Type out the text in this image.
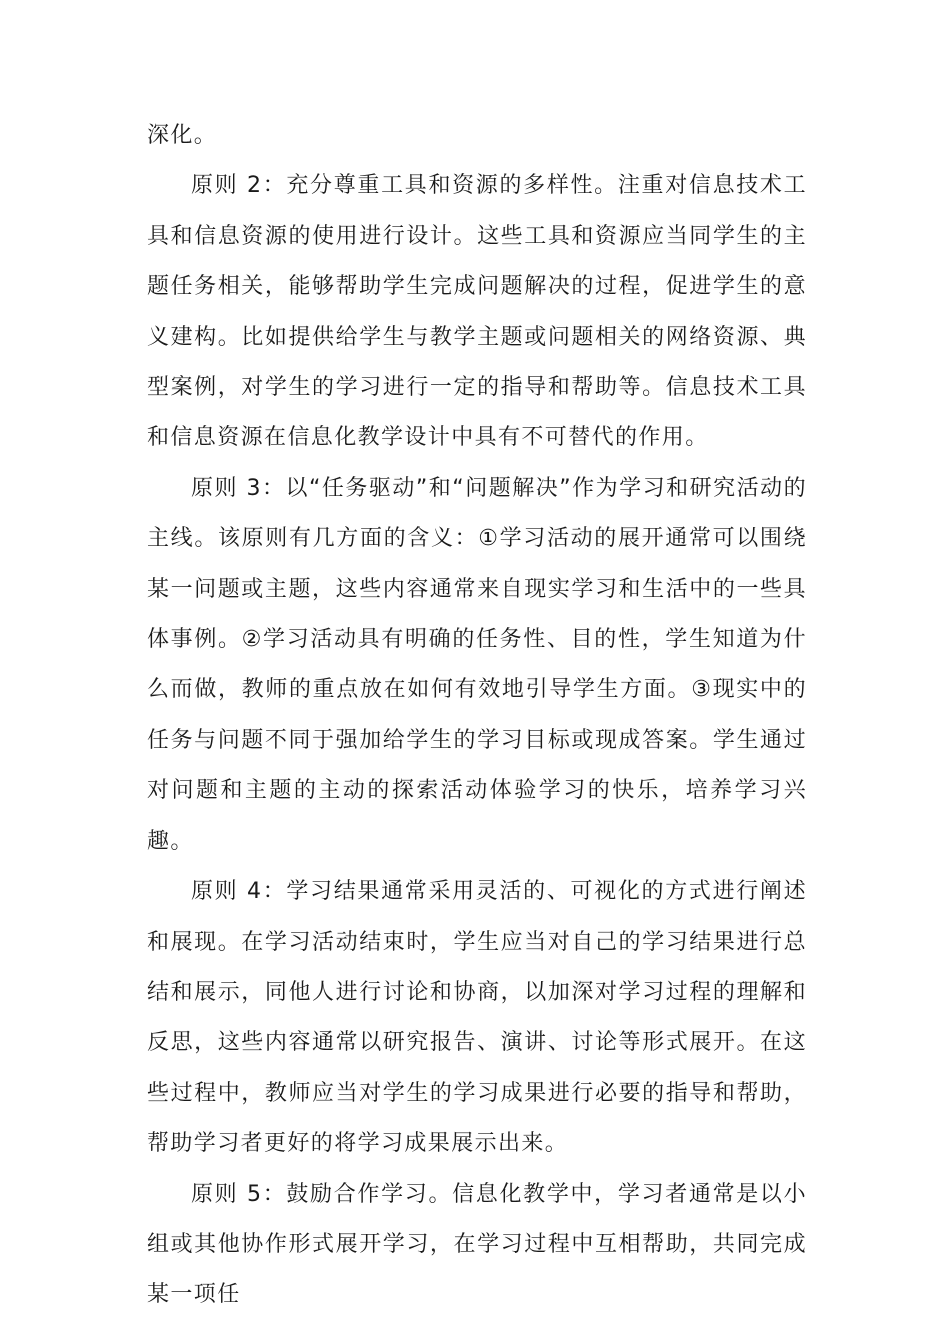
深化。

原则 2：充分尊重工具和资源的多样性。注重对信息技术工具和信息资源的使用进行设计。这些工具和资源应当同学生的主题任务相关，能够帮助学生完成问题解决的过程，促进学生的意义建构。比如提供给学生与教学主题或问题相关的网络资源、典型案例，对学生的学习进行一定的指导和帮助等。信息技术工具和信息资源在信息化教学设计中具有不可替代的作用。

原则 3：以“任务驱动”和“问题解决”作为学习和研究活动的主线。该原则有几方面的含义：①学习活动的展开通常可以围绕某一问题或主题，这些内容通常来自现实学习和生活中的一些具体事例。②学习活动具有明确的任务性、目的性，学生知道为什么而做，教师的重点放在如何有效地引导学生方面。③现实中的任务与问题不同于强加给学生的学习目标或现成答案。学生通过对问题和主题的主动的探索活动体验学习的快乐，培养学习兴趣。

原则 4：学习结果通常采用灵活的、可视化的方式进行阐述和展现。在学习活动结束时，学生应当对自己的学习结果进行总结和展示，同他人进行讨论和协商，以加深对学习过程的理解和反思，这些内容通常以研究报告、演讲、讨论等形式展开。在这些过程中，教师应当对学生的学习成果进行必要的指导和帮助，帮助学习者更好的将学习成果展示出来。

原则 5：鼓励合作学习。信息化教学中，学习者通常是以小组或其他协作形式展开学习，在学习过程中互相帮助，共同完成某一项任
